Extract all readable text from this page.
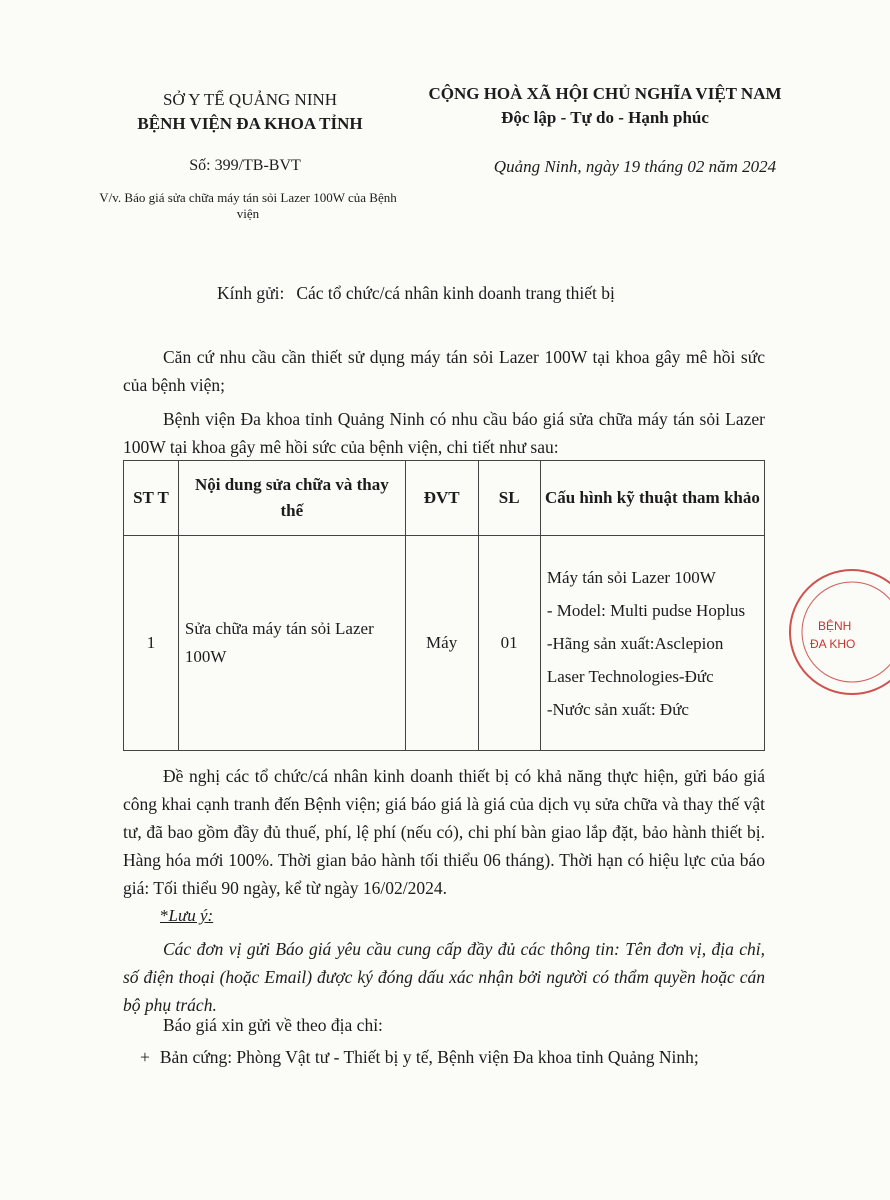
SỞ Y TẾ QUẢNG NINH
BỆNH VIỆN ĐA KHOA TỈNH
CỘNG HOÀ XÃ HỘI CHỦ NGHĨA VIỆT NAM
Độc lập - Tự do - Hạnh phúc
Số: 399/TB-BVT
V/v. Báo giá sửa chữa máy tán sỏi Lazer 100W của Bệnh viện
Quảng Ninh, ngày 19 tháng 02 năm 2024
Kính gửi: Các tổ chức/cá nhân kinh doanh trang thiết bị
Căn cứ nhu cầu cần thiết sử dụng máy tán sỏi Lazer 100W tại khoa gây mê hồi sức của bệnh viện;
Bệnh viện Đa khoa tỉnh Quảng Ninh có nhu cầu báo giá sửa chữa máy tán sỏi Lazer 100W tại khoa gây mê hồi sức của bệnh viện, chi tiết như sau:
ST T	Nội dung sửa chữa và thay thế	ĐVT	SL	Cấu hình kỹ thuật tham khảo
1	Sửa chữa máy tán sỏi Lazer 100W	Máy	01	Máy tán sỏi Lazer 100W

- Model: Multi pudse Hoplus

-Hãng sản xuất:Asclepion Laser Technologies-Đức

-Nước sản xuất: Đức

Đề nghị các tổ chức/cá nhân kinh doanh thiết bị có khả năng thực hiện, gửi báo giá công khai cạnh tranh đến Bệnh viện; giá báo giá là giá của dịch vụ sửa chữa và thay thế vật tư, đã bao gồm đầy đủ thuế, phí, lệ phí (nếu có), chi phí bàn giao lắp đặt, bảo hành thiết bị. Hàng hóa mới 100%. Thời gian bảo hành tối thiểu 06 tháng). Thời hạn có hiệu lực của báo giá: Tối thiểu 90 ngày, kể từ ngày 16/02/2024.
*Lưu ý:
Các đơn vị gửi Báo giá yêu cầu cung cấp đầy đủ các thông tin: Tên đơn vị, địa chỉ, số điện thoại (hoặc Email) được ký đóng dấu xác nhận bởi người có thẩm quyền hoặc cán bộ phụ trách.
Báo giá xin gửi về theo địa chỉ:
+ Bản cứng: Phòng Vật tư - Thiết bị y tế, Bệnh viện Đa khoa tỉnh Quảng Ninh;
BỆNH
ĐA KHO
